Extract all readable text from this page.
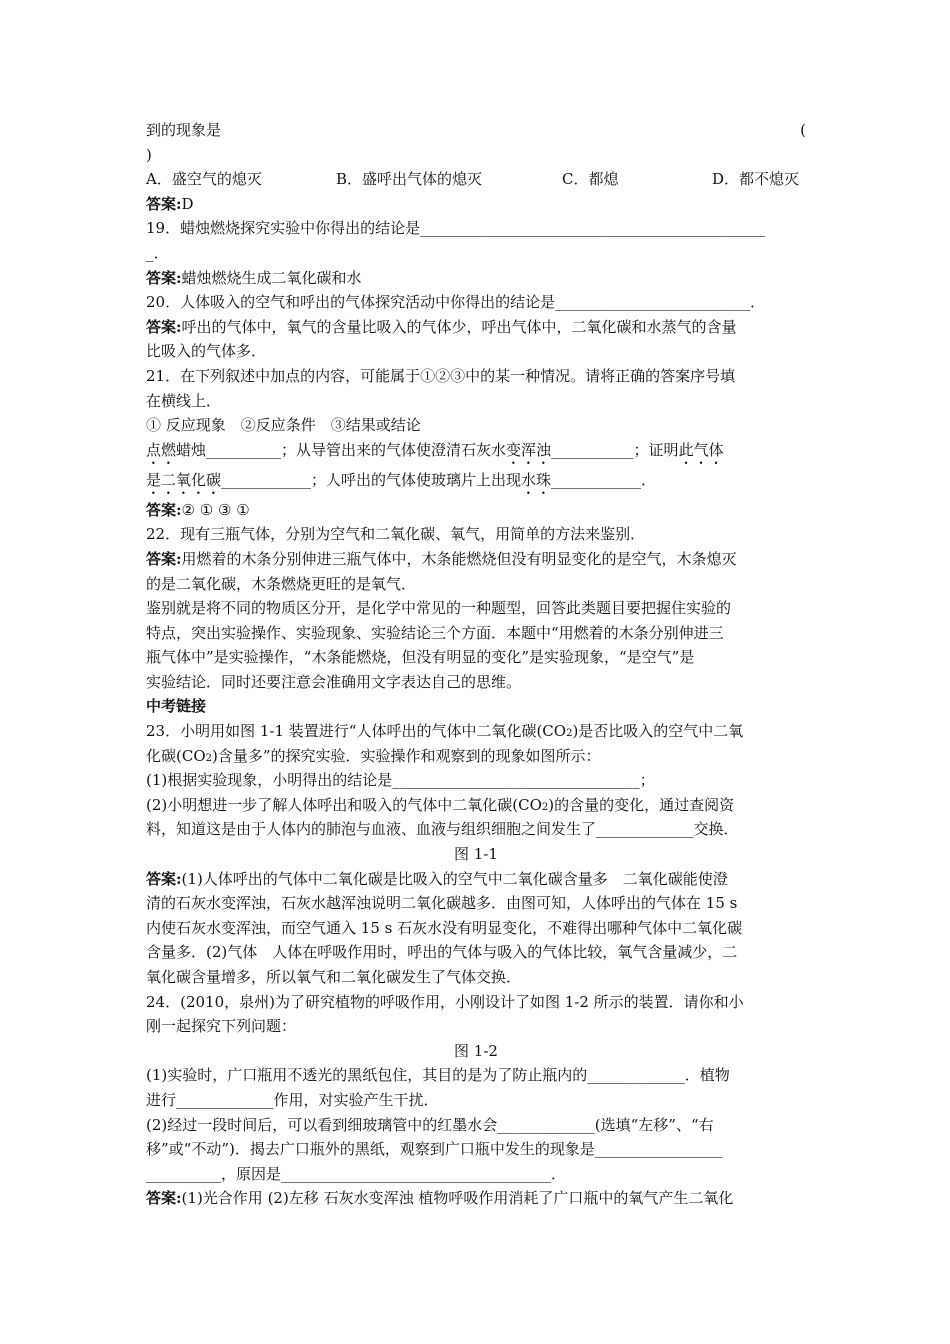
到的现象是	(
)
A．盛空气的熄灭	B．盛呼出气体的熄灭	C．都熄	D．都不熄灭
答案: D
19．蜡烛燃烧探究实验中你得出的结论是______________________________________________
_．
答案: 蜡烛燃烧生成二氧化碳和水
20．人体吸入的空气和呼出的气体探究活动中你得出的结论是__________________________．
答案: 呼出的气体中，氧气的含量比吸入的气体少，呼出气体中，二氧化碳和水蒸气的含量
比吸入的气体多．
21．在下列叙述中加点的内容，可能属于①②③中的某一种情况。请将正确的答案序号填
在横线上．
① 反应现象　②反应条件　③结果或结论
点燃 蜡烛__________；从导管出来的气体使澄清石灰水 变浑浊 ___________；证明 此气体
是二氧化碳 ____________；人呼出的气体使玻璃片上出现 水珠 ____________．
答案: ② ① ③ ①
22．现有三瓶气体，分别为空气和二氧化碳、氧气，用简单的方法来鉴别．
答案: 用燃着的木条分别伸进三瓶气体中，木条能燃烧但没有明显变化的是空气，木条熄灭
的是二氧化碳，木条燃烧更旺的是氧气．
鉴别就是将不同的物质区分开，是化学中常见的一种题型，回答此类题目要把握住实验的
特点，突出实验操作、实验现象、实验结论三个方面．本题中“用燃着的木条分别伸进三
瓶气体中”是实验操作，“木条能燃烧，但没有明显的变化”是实验现象，“是空气”是
实验结论．同时还要注意会准确用文字表达自己的思维。
中考链接
23．小明用如图 1-1 装置进行“人体呼出的气体中二氧化碳(CO 2 )是否比吸入的空气中二氧
化碳(CO 2 )含量多”的探究实验．实验操作和观察到的现象如图所示：
(1)根据实验现象，小明得出的结论是_________________________________；
(2)小明想进一步了解人体呼出和吸入的气体中二氧化碳(CO 2 )的含量的变化，通过查阅资
料，知道这是由于人体内的肺泡与血液、血液与组织细胞之间发生了_____________交换．
图 1-1
答案: (1)人体呼出的气体中二氧化碳是比吸入的空气中二氧化碳含量多　二氧化碳能使澄
清的石灰水变浑浊，石灰水越浑浊说明二氧化碳越多．由图可知，人体呼出的气体在 15 s
内使石灰水变浑浊，而空气通入 15 s 石灰水没有明显变化，不难得出哪种气体中二氧化碳
含量多．(2)气体　人体在呼吸作用时，呼出的气体与吸入的气体比较，氧气含量减少，二
氧化碳含量增多，所以氧气和二氧化碳发生了气体交换．
24．(2010，泉州)为了研究植物的呼吸作用，小刚设计了如图 1-2 所示的装置．请你和小
刚一起探究下列问题：
图 1-2
(1)实验时，广口瓶用不透光的黑纸包住，其目的是为了防止瓶内的_____________．植物
进行_____________作用，对实验产生干扰．
(2)经过一段时间后，可以看到细玻璃管中的红墨水会_____________(选填“左移”、“右
移”或“不动”)．揭去广口瓶外的黑纸，观察到广口瓶中发生的现象是_________________
__________，原因是____________________________________．
答案: (1)光合作用 (2)左移 石灰水变浑浊 植物呼吸作用消耗了广口瓶中的氧气产生二氧化
